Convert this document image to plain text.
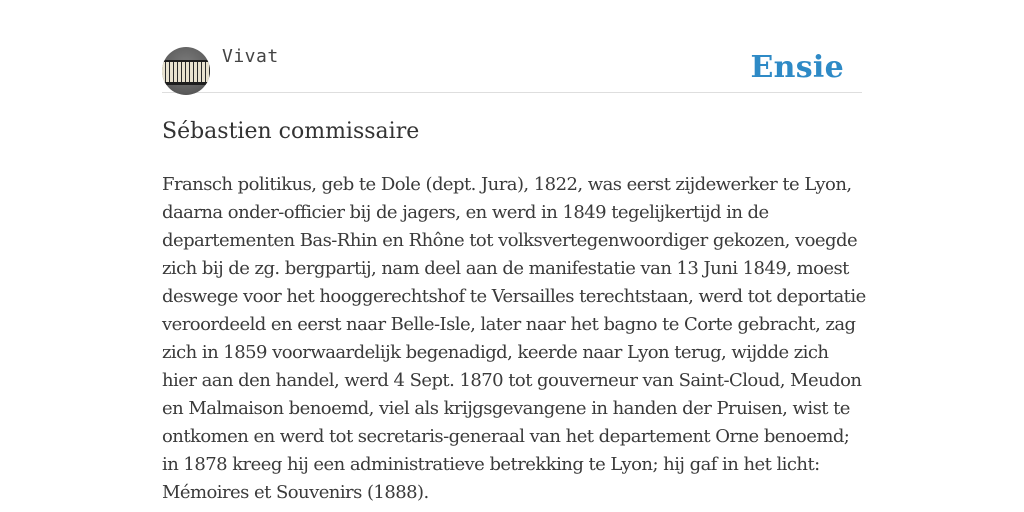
Vivat	Ensie
Sébastien commissaire

Fransch politikus, geb te Dole (dept. Jura), 1822, was eerst zijdewerker te Lyon, daarna onder-officier bij de jagers, en werd in 1849 tegelijkertijd in de departementen Bas-Rhin en Rhône tot volksvertegenwoordiger gekozen, voegde zich bij de zg. bergpartij, nam deel aan de manifestatie van 13 Juni 1849, moest deswege voor het hooggerechtshof te Versailles terechtstaan, werd tot deportatie veroordeeld en eerst naar Belle-Isle, later naar het bagno te Corte gebracht, zag zich in 1859 voorwaardelijk begenadigd, keerde naar Lyon terug, wijdde zich hier aan den handel, werd 4 Sept. 1870 tot gouverneur van Saint-Cloud, Meudon en Malmaison benoemd, viel als krijgsgevangene in handen der Pruisen, wist te ontkomen en werd tot secretaris-generaal van het departement Orne benoemd; in 1878 kreeg hij een administratieve betrekking te Lyon; hij gaf in het licht: Mémoires et Souvenirs (1888).
